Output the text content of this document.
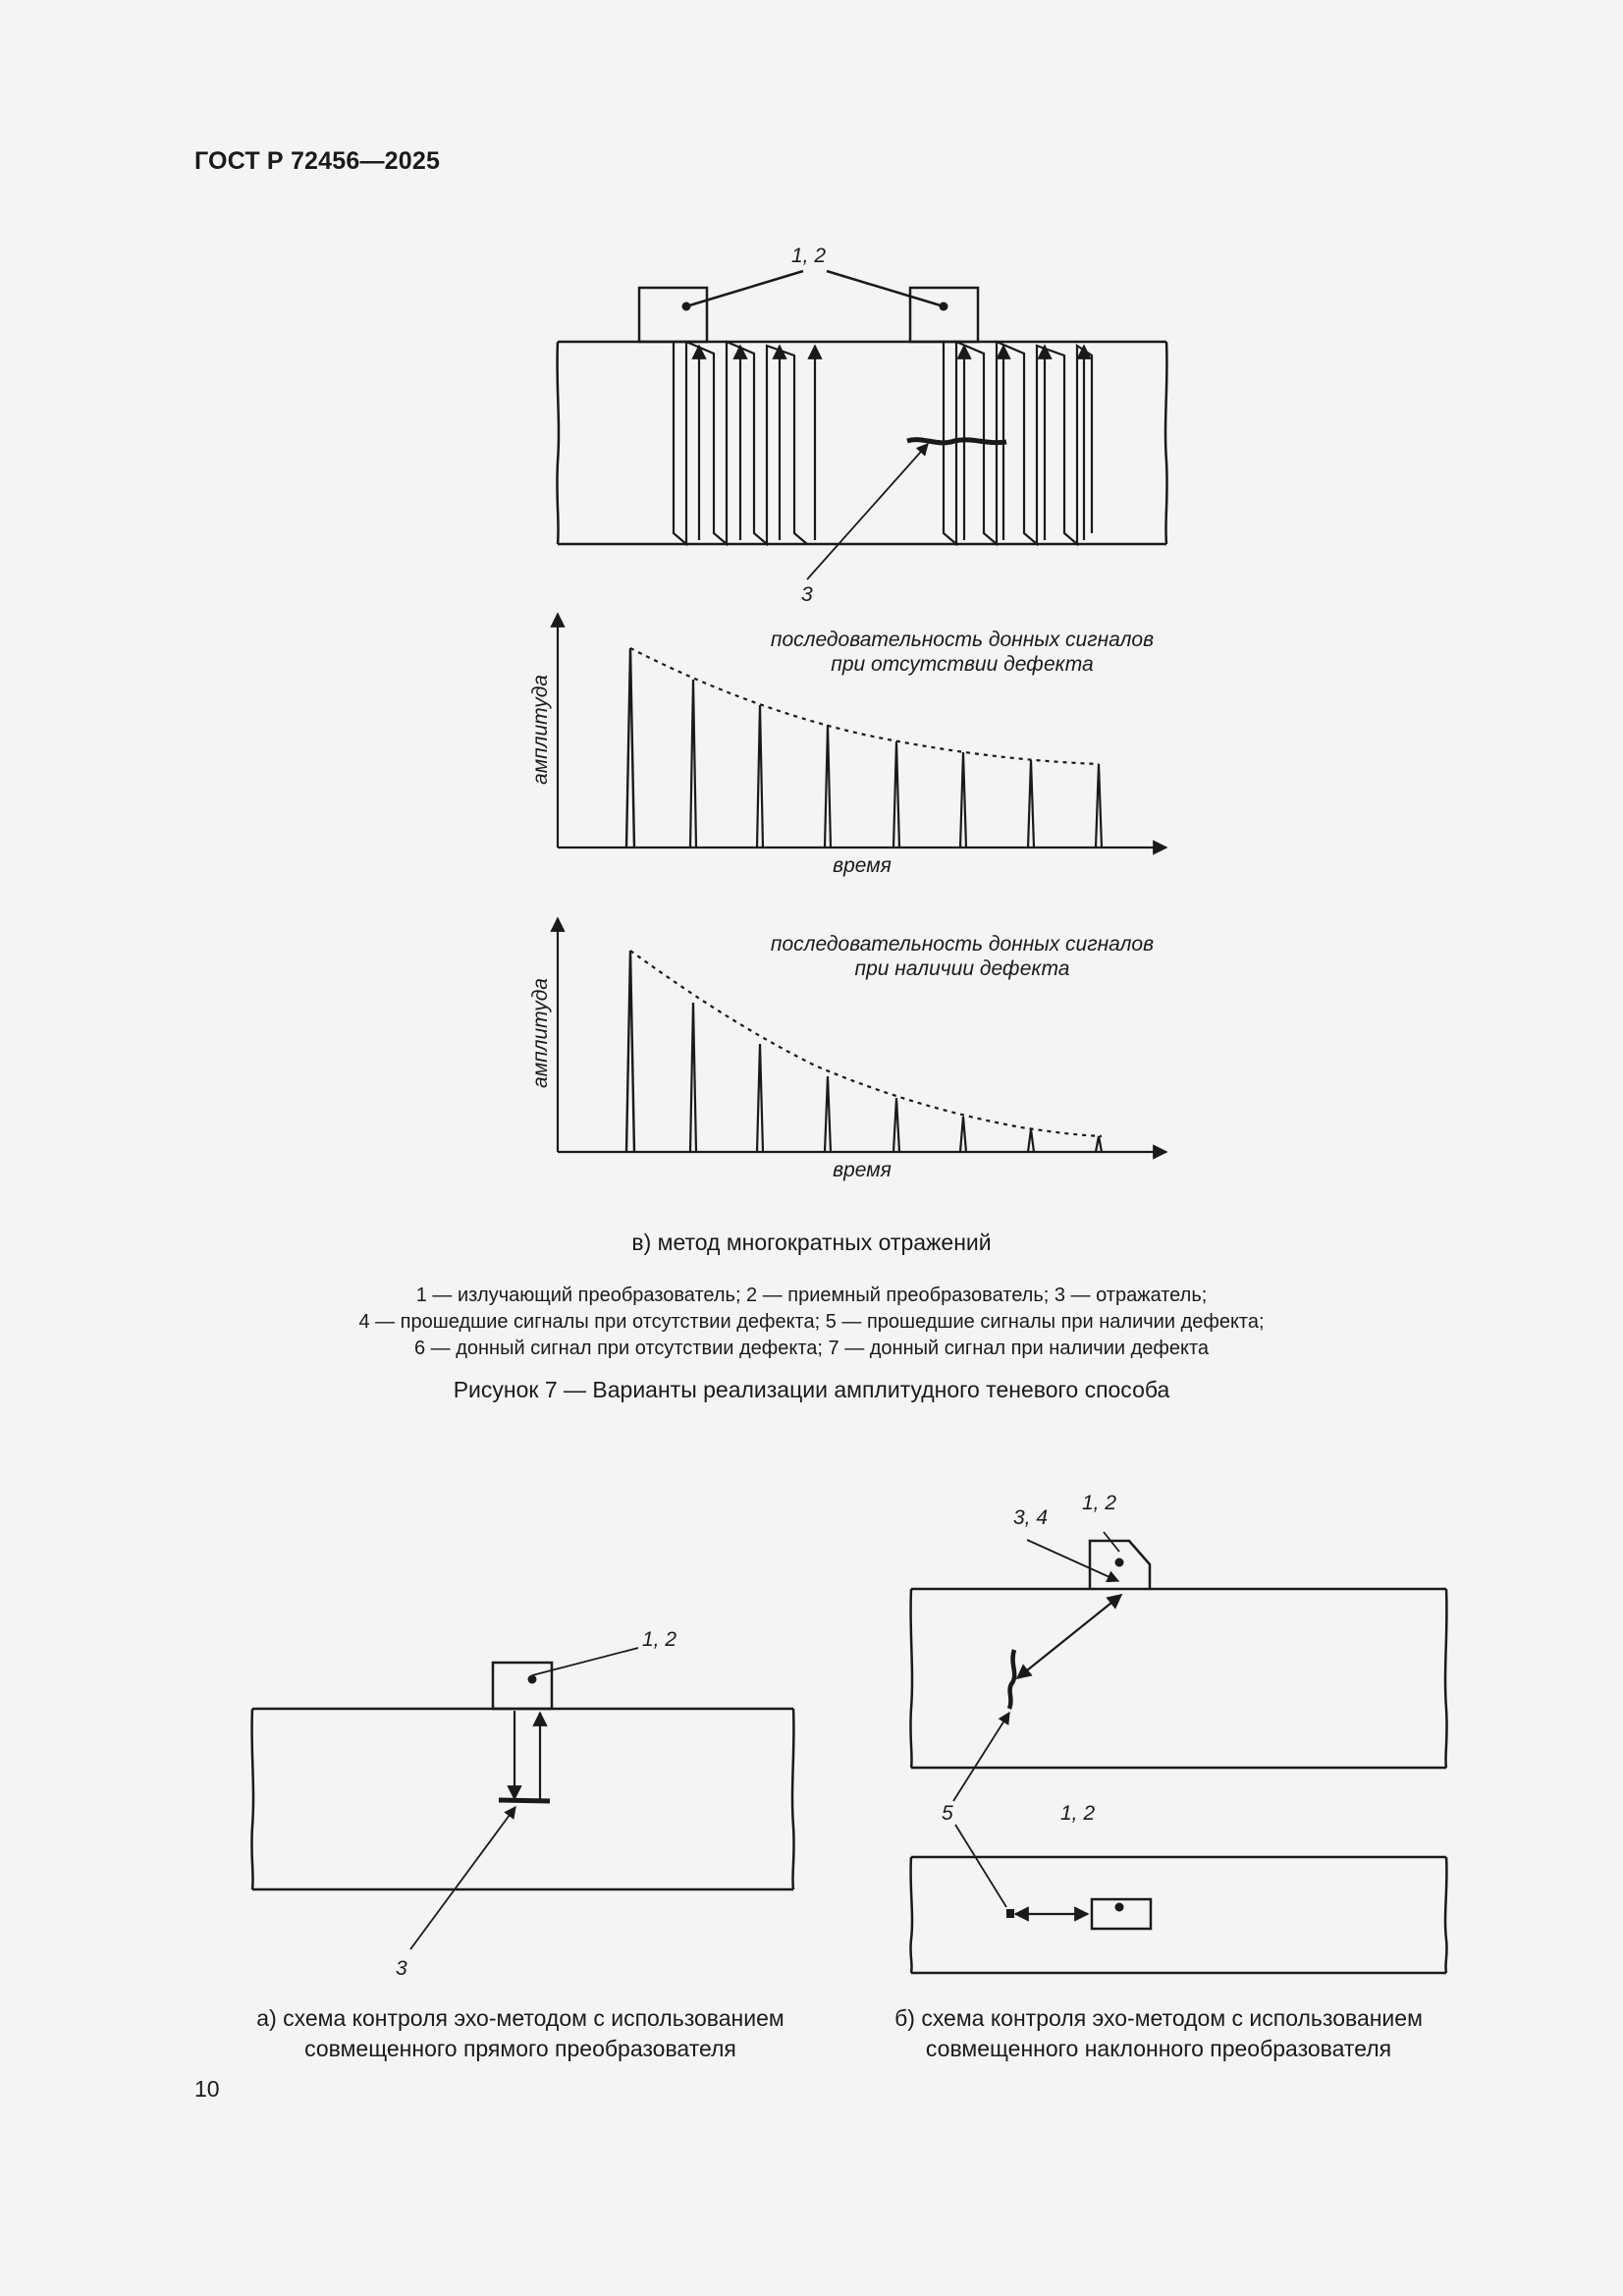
ГОСТ Р 72456—2025
1, 2
3
последовательность донных сигналов
при отсутствии дефекта
амплитуда
время
последовательность донных сигналов
при наличии дефекта
амплитуда
время
1, 2
3
3, 4
1, 2
5	1, 2
в) метод многократных отражений
1 — излучающий преобразователь; 2 — приемный преобразователь; 3 — отражатель;
4 — прошедшие сигналы при отсутствии дефекта; 5 — прошедшие сигналы при наличии дефекта;
6 — донный сигнал при отсутствии дефекта; 7 — донный сигнал при наличии дефекта
Рисунок 7 — Варианты реализации амплитудного теневого способа
а) схема контроля эхо-методом с использованием
совмещенного прямого преобразователя
б) схема контроля эхо-методом с использованием
совмещенного наклонного преобразователя
10
